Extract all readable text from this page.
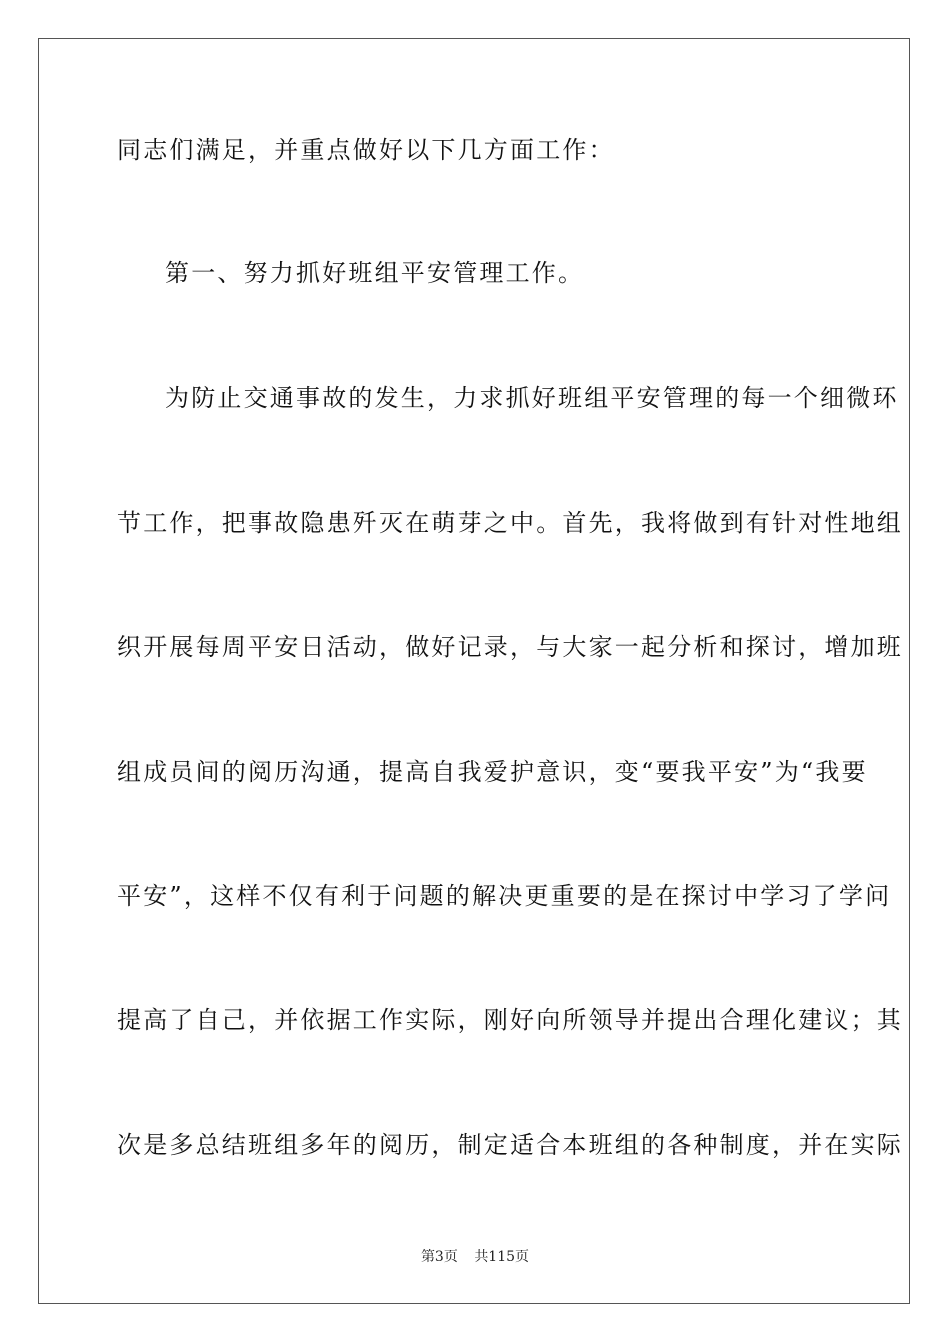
同志们满足，并重点做好以下几方面工作：
第一、努力抓好班组平安管理工作。
为防止交通事故的发生，力求抓好班组平安管理的每一个细微环
节工作，把事故隐患歼灭在萌芽之中。首先，我将做到有针对性地组
织开展每周平安日活动，做好记录，与大家一起分析和探讨，增加班
组成员间的阅历沟通，提高自我爱护意识，变“要我平安”为“我要
平安”，这样不仅有利于问题的解决更重要的是在探讨中学习了学问
提高了自己，并依据工作实际，刚好向所领导并提出合理化建议；其
次是多总结班组多年的阅历，制定适合本班组的各种制度，并在实际
第3页 共115页
